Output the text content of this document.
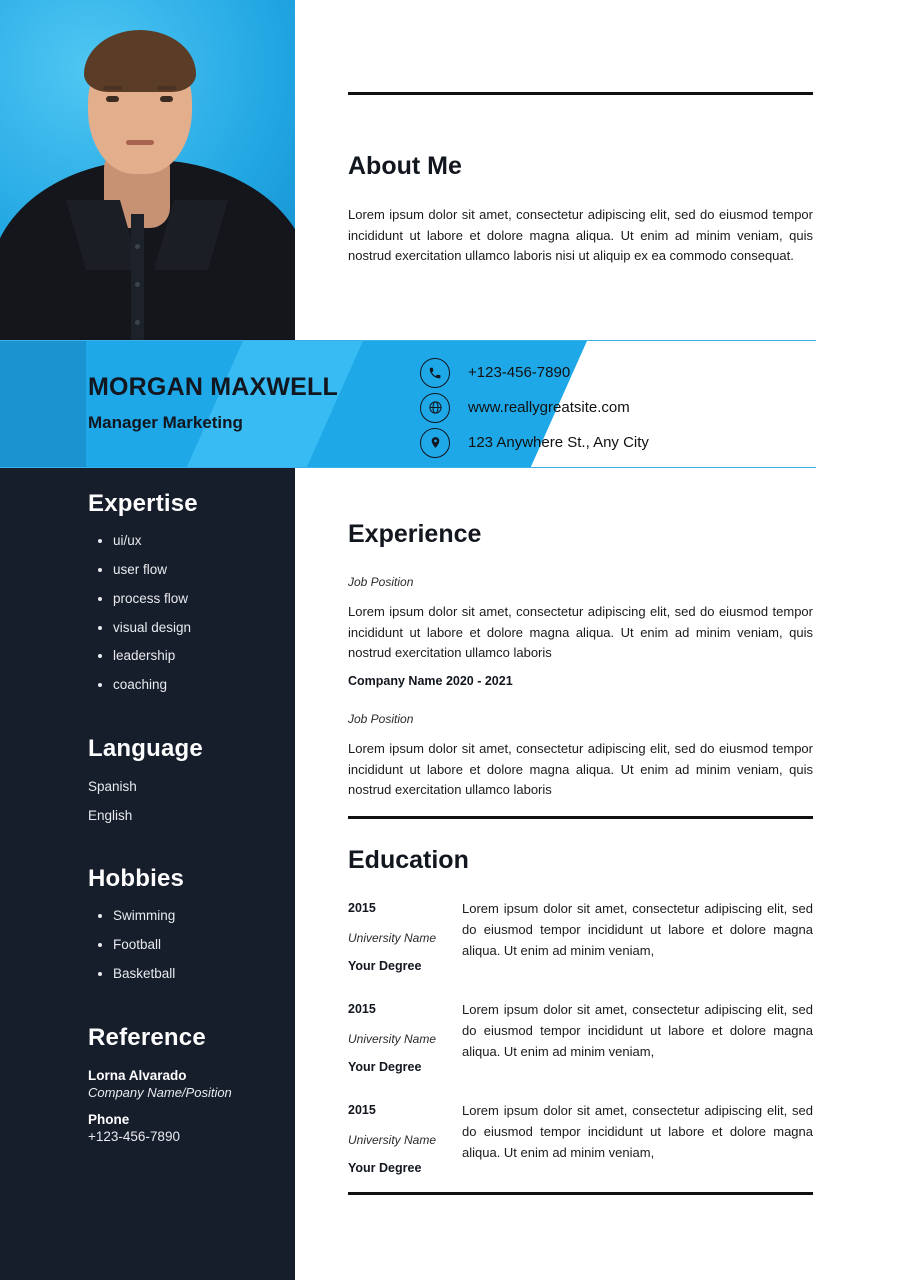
Expertise
• ui/ux
• user flow
• process flow
• visual design
• leadership
• coaching
Language
Spanish
English
Hobbies
• Swimming
• Football
• Basketball
Reference
Lorna Alvarado
Company Name/Position
Phone
+123-456-7890
About Me
Lorem ipsum dolor sit amet, consectetur adipiscing elit, sed do eiusmod tempor incididunt ut labore et dolore magna aliqua. Ut enim ad minim veniam, quis nostrud exercitation ullamco laboris nisi ut aliquip ex ea commodo consequat.
Experience
Job Position
Lorem ipsum dolor sit amet, consectetur adipiscing elit, sed do eiusmod tempor incididunt ut labore et dolore magna aliqua. Ut enim ad minim veniam, quis nostrud exercitation ullamco laboris
Company Name 2020 - 2021
Job Position
Lorem ipsum dolor sit amet, consectetur adipiscing elit, sed do eiusmod tempor incididunt ut labore et dolore magna aliqua. Ut enim ad minim veniam, quis nostrud exercitation ullamco laboris
Education
2015
University Name
Your Degree
Lorem ipsum dolor sit amet, consectetur adipiscing elit, sed do eiusmod tempor incididunt ut labore et dolore magna aliqua. Ut enim ad minim veniam,
2015
University Name
Your Degree
Lorem ipsum dolor sit amet, consectetur adipiscing elit, sed do eiusmod tempor incididunt ut labore et dolore magna aliqua. Ut enim ad minim veniam,
2015
University Name
Your Degree
Lorem ipsum dolor sit amet, consectetur adipiscing elit, sed do eiusmod tempor incididunt ut labore et dolore magna aliqua. Ut enim ad minim veniam,
MORGAN MAXWELL
Manager Marketing
+123-456-7890
www.reallygreatsite.com
123 Anywhere St., Any City
